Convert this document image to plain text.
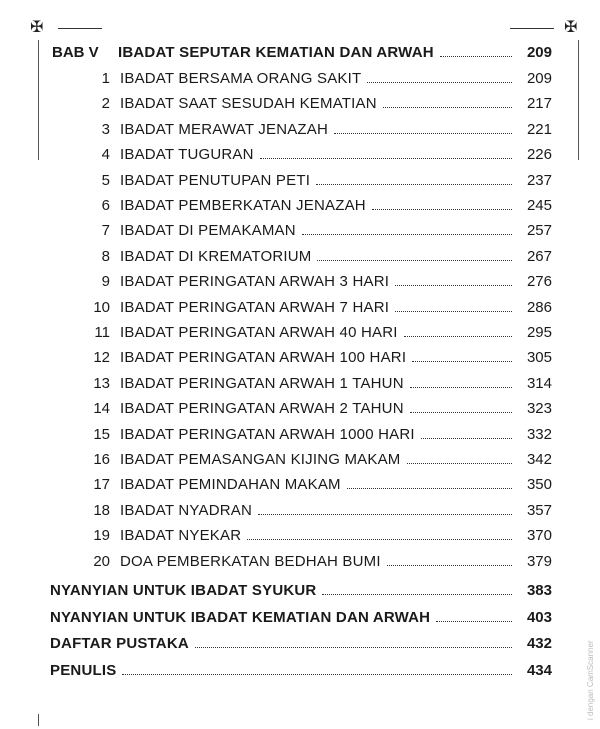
✠	✠
i dengan CamScanner
BAB V	IBADAT SEPUTAR KEMATIAN DAN ARWAH	209
1 IBADAT BERSAMA ORANG SAKIT	209
2 IBADAT SAAT SESUDAH KEMATIAN	217
3 IBADAT MERAWAT JENAZAH	221
4 IBADAT TUGURAN	226
5 IBADAT PENUTUPAN PETI	237
6 IBADAT PEMBERKATAN JENAZAH	245
7 IBADAT DI PEMAKAMAN	257
8 IBADAT DI KREMATORIUM	267
9 IBADAT PERINGATAN ARWAH 3 HARI	276
10 IBADAT PERINGATAN ARWAH 7 HARI	286
11 IBADAT PERINGATAN ARWAH 40 HARI	295
12 IBADAT PERINGATAN ARWAH 100 HARI	305
13 IBADAT PERINGATAN ARWAH 1 TAHUN	314
14 IBADAT PERINGATAN ARWAH 2 TAHUN	323
15 IBADAT PERINGATAN ARWAH 1000 HARI	332
16 IBADAT PEMASANGAN KIJING MAKAM	342
17 IBADAT PEMINDAHAN MAKAM	350
18 IBADAT NYADRAN	357
19 IBADAT NYEKAR	370
20 DOA PEMBERKATAN BEDHAH BUMI	379
NYANYIAN UNTUK IBADAT SYUKUR	383
NYANYIAN UNTUK IBADAT KEMATIAN DAN ARWAH	403
DAFTAR PUSTAKA	432
PENULIS	434
